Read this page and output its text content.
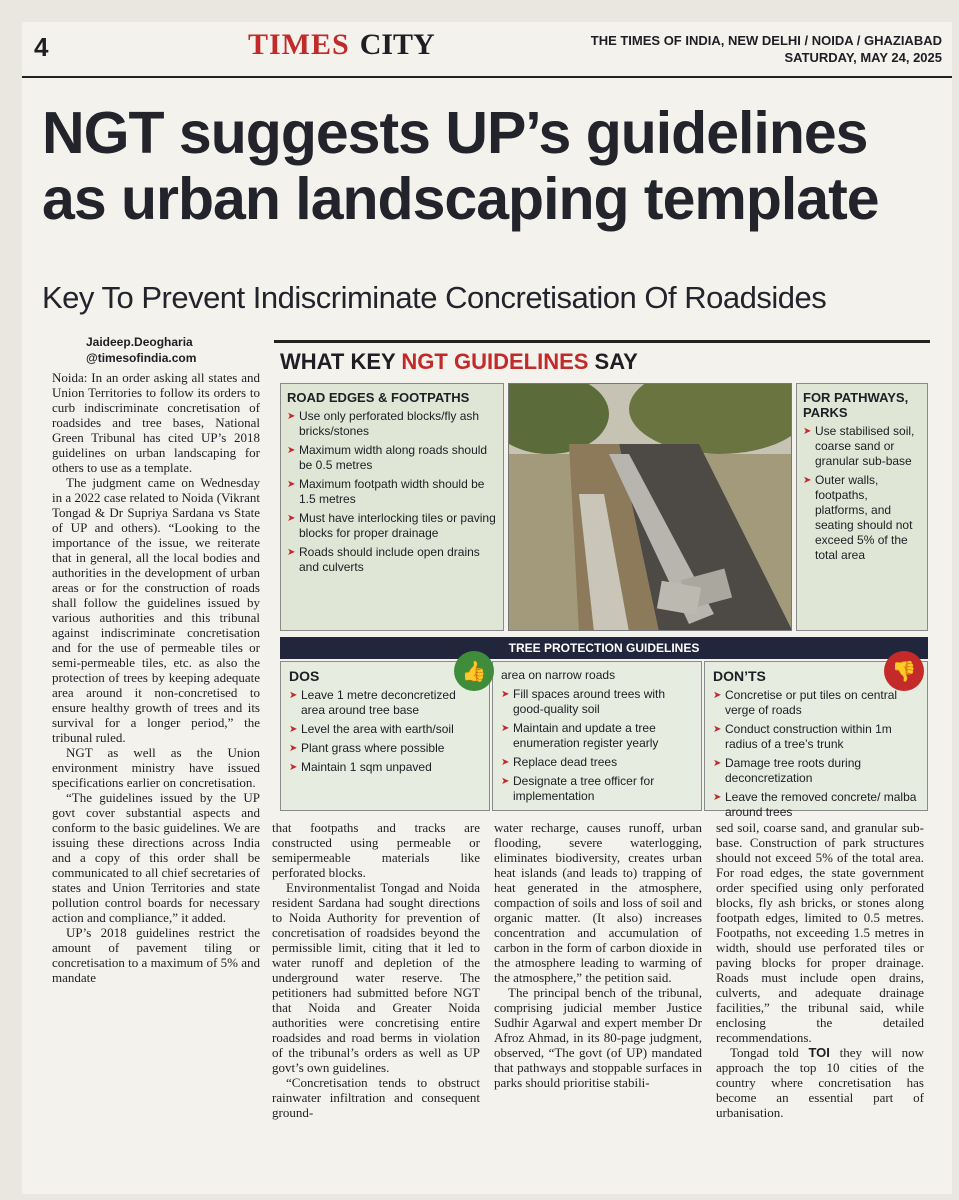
4	TIMES CITY	THE TIMES OF INDIA, NEW DELHI / NOIDA / GHAZIABAD
SATURDAY, MAY 24, 2025
NGT suggests UP’s guidelines
as urban landscaping template
Key To Prevent Indiscriminate Concretisation Of Roadsides
Jaideep.Deogharia
@timesofindia.com

Noida: In an order asking all states and Union Territories to follow its orders to curb indiscriminate concretisation of roadsides and tree bases, National Green Tribunal has cited UP’s 2018 guidelines on urban landscaping for others to use as a template.

The judgment came on Wednesday in a 2022 case related to Noida (Vikrant Tongad & Dr Supriya Sardana vs State of UP and others). “Looking to the importance of the issue, we reiterate that in general, all the local bodies and authorities in the development of urban areas or for the construction of roads shall follow the guidelines issued by various authorities and this tribunal against indiscriminate concretisation and for the use of permeable tiles or semi-permeable tiles, etc. as also the protection of trees by keeping adequate area around it non-concretised to ensure healthy growth of trees and its survival for a longer period,” the tribunal ruled.

NGT as well as the Union environment ministry have issued specifications earlier on concretisation.

“The guidelines issued by the UP govt cover substantial aspects and conform to the basic guidelines. We are issuing these directions across India and a copy of this order shall be communicated to all chief secretaries of states and Union Territories and state pollution control boards for necessary action and compliance,” it added.

UP’s 2018 guidelines restrict the amount of pavement tiling or concretisation to a maximum of 5% and mandate

that footpaths and tracks are constructed using permeable or semipermeable materials like perforated blocks.

Environmentalist Tongad and Noida resident Sardana had sought directions to Noida Authority for prevention of concretisation of roadsides beyond the permissible limit, citing that it led to water runoff and depletion of the underground water reserve. The petitioners had submitted before NGT that Noida and Greater Noida authorities were concretising entire roadsides and road berms in violation of the tribunal’s orders as well as UP govt’s own guidelines.

“Concretisation tends to obstruct rainwater infiltration and consequent ground-

water recharge, causes runoff, urban flooding, severe waterlogging, eliminates biodiversity, creates urban heat islands (and leads to) trapping of heat generated in the atmosphere, compaction of soils and loss of soil and organic matter. (It also) increases concentration and accumulation of carbon in the form of carbon dioxide in the atmosphere leading to warming of the atmosphere,” the petition said.

The principal bench of the tribunal, comprising judicial member Justice Sudhir Agarwal and expert member Dr Afroz Ahmad, in its 80-page judgment, observed, “The govt (of UP) mandated that pathways and stoppable surfaces in parks should prioritise stabili-

sed soil, coarse sand, and granular sub-base. Construction of park structures should not exceed 5% of the total area. For road edges, the state government order specified using only perforated blocks, fly ash bricks, or stones along footpath edges, limited to 0.5 metres. Footpaths, not exceeding 1.5 metres in width, should use perforated tiles or paving blocks for proper drainage. Roads must include open drains, culverts, and adequate drainage facilities,” the tribunal said, while enclosing the detailed recommendations.

Tongad told TOI they will now approach the top 10 cities of the country where concretisation has become an essential part of urbanisation.

WHAT KEY NGT GUIDELINES SAY
ROAD EDGES & FOOTPATHS
➤ Use only perforated blocks/fly ash bricks/stones
➤ Maximum width along roads should be 0.5 metres
➤ Maximum footpath width should be 1.5 metres
➤ Must have interlocking tiles or paving blocks for proper drainage
➤ Roads should include open drains and culverts
FOR PATHWAYS, PARKS
➤ Use stabilised soil, coarse sand or granular sub-base
➤ Outer walls, footpaths, platforms, and seating should not exceed 5% of the total area
TREE PROTECTION GUIDELINES
DOS
➤ Leave 1 metre deconcretized area around tree base
➤ Level the area with earth/soil
➤ Plant grass where possible
➤ Maintain 1 sqm unpaved
area on narrow roads
➤ Fill spaces around trees with good-quality soil
➤ Maintain and update a tree enumeration register yearly
➤ Replace dead trees
➤ Designate a tree officer for implementation
DON’TS
➤ Concretise or put tiles on central verge of roads
➤ Conduct construction within 1m radius of a tree’s trunk
➤ Damage tree roots during deconcretization
➤ Leave the removed concrete/ malba around trees
👍	👎
